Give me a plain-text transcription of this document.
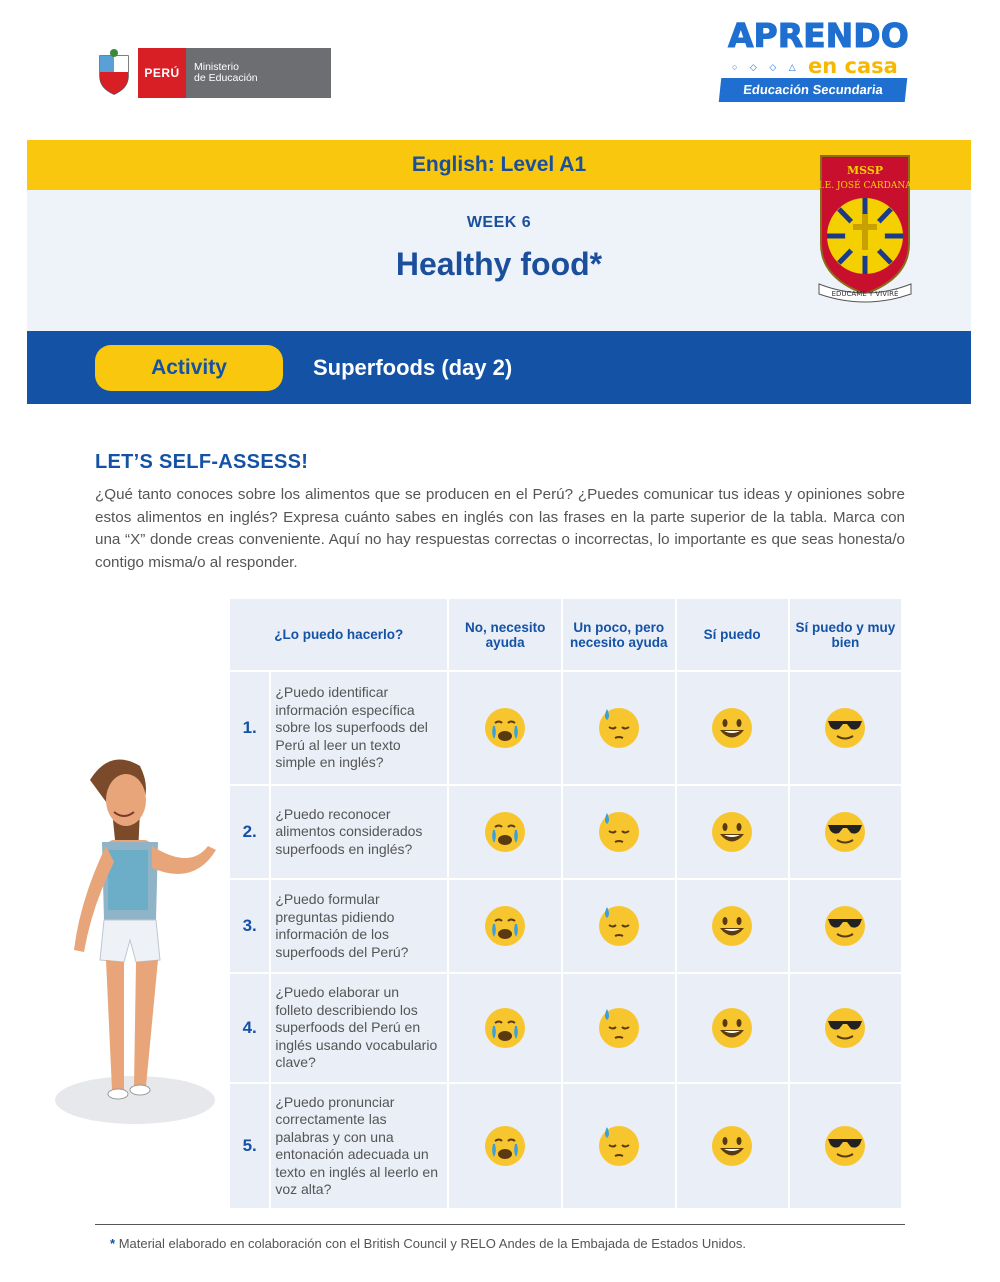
PERÚ	Ministerio
de Educación
APRENDO
○ ◇ ◇ △ en casa
Educación Secundaria
English: Level A1
WEEK 6
Healthy food*
MSSP
I.E. JOSÉ CARDANA
EDUCAME Y VIVIRÉ
Activity	Superfoods (day 2)
LET’S SELF-ASSESS!

¿Qué tanto conoces sobre los alimentos que se producen en el Perú? ¿Puedes comunicar tus ideas y opiniones sobre estos alimentos en inglés? Expresa cuánto sabes en inglés con las frases en la parte superior de la tabla. Marca con una “X” donde creas conveniente. Aquí no hay respuestas correctas o incorrectas, lo importante es que seas honesta/o contigo misma/o al responder.

¿Lo puedo hacerlo?		No, necesito ayuda	Un poco, pero necesito ayuda	Sí puedo	Sí puedo y muy bien
1.	¿Puedo identificar información específica sobre los superfoods del Perú al leer un texto simple en inglés?	

2.	¿Puedo reconocer alimentos considerados superfoods en inglés?	

3.	¿Puedo formular preguntas pidiendo información de los superfoods del Perú?	

4.	¿Puedo elaborar un folleto describiendo los superfoods del Perú en inglés usando vocabulario clave?	

5.	¿Puedo pronunciar correctamente las palabras y con una entonación adecuada un texto en inglés al leerlo en voz alta?	

* Material elaborado en colaboración con el British Council y RELO Andes de la Embajada de Estados Unidos.
